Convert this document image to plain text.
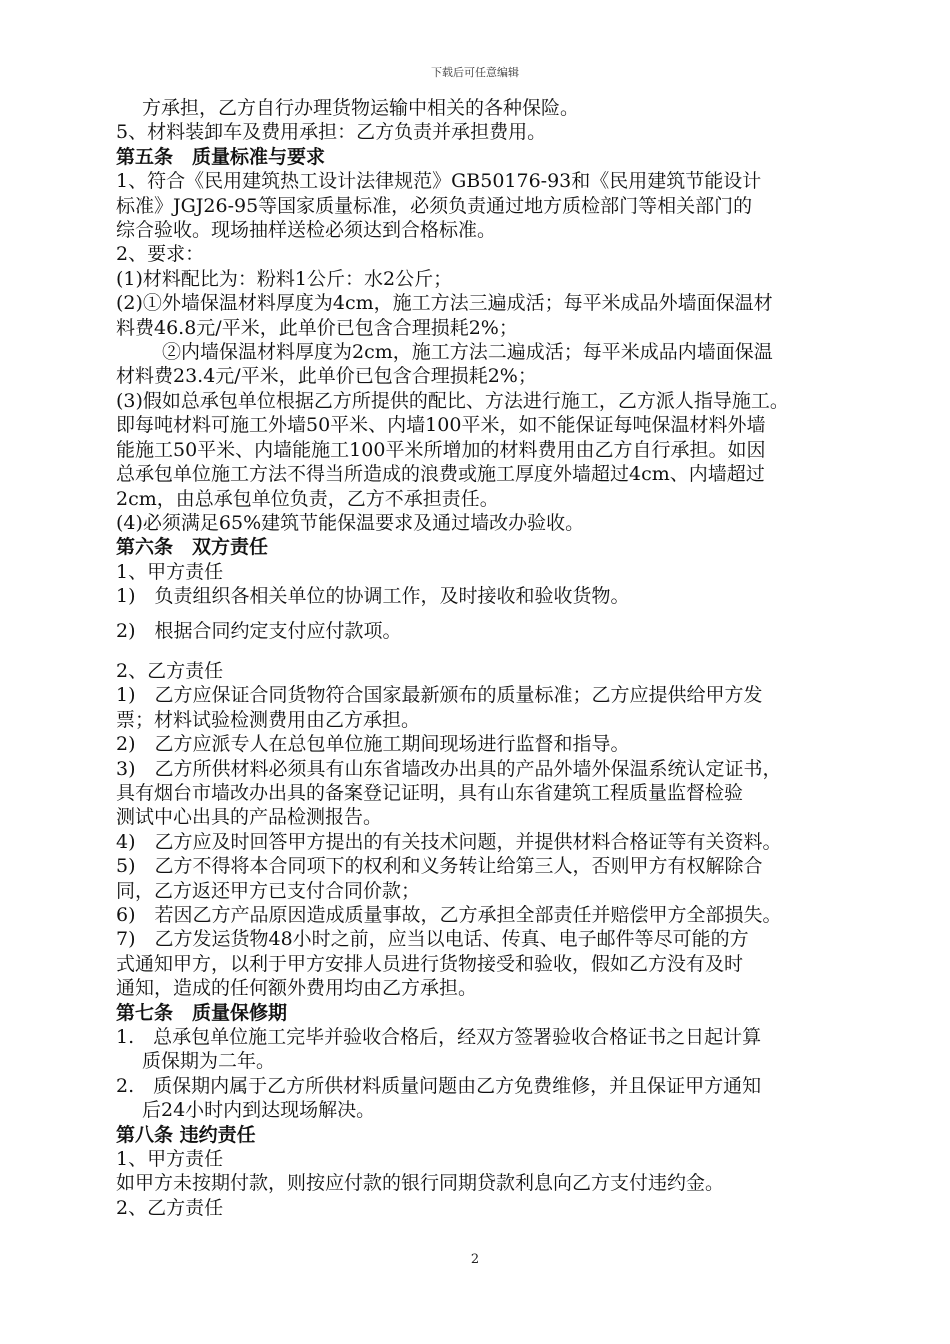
下载后可任意编辑
方承担，乙方自行办理货物运输中相关的各种保险。
5、材料装卸车及费用承担：乙方负责并承担费用。
第五条　质量标准与要求
1、符合《民用建筑热工设计法律规范》GB50176-93和《民用建筑节能设计
标准》JGJ26-95等国家质量标准，必须负责通过地方质检部门等相关部门的
综合验收。现场抽样送检必须达到合格标准。
2、要求：
(1)材料配比为：粉料1公斤：水2公斤；
(2)①外墙保温材料厚度为4cm，施工方法三遍成活；每平米成品外墙面保温材
料费46.8元/平米，此单价已包含合理损耗2%；
②内墙保温材料厚度为2cm，施工方法二遍成活；每平米成品内墙面保温
材料费23.4元/平米，此单价已包含合理损耗2%；
(3)假如总承包单位根据乙方所提供的配比、方法进行施工，乙方派人指导施工。
即每吨材料可施工外墙50平米、内墙100平米，如不能保证每吨保温材料外墙
能施工50平米、内墙能施工100平米所增加的材料费用由乙方自行承担。如因
总承包单位施工方法不得当所造成的浪费或施工厚度外墙超过4cm、内墙超过
2cm，由总承包单位负责，乙方不承担责任。
(4)必须满足65%建筑节能保温要求及通过墙改办验收。
第六条　双方责任
1、甲方责任
1)　负责组织各相关单位的协调工作，及时接收和验收货物。
2)　根据合同约定支付应付款项。
2、乙方责任
1)　乙方应保证合同货物符合国家最新颁布的质量标准；乙方应提供给甲方发
票；材料试验检测费用由乙方承担。
2)　乙方应派专人在总包单位施工期间现场进行监督和指导。
3)　乙方所供材料必须具有山东省墙改办出具的产品外墙外保温系统认定证书，
具有烟台市墙改办出具的备案登记证明，具有山东省建筑工程质量监督检验
测试中心出具的产品检测报告。
4)　乙方应及时回答甲方提出的有关技术问题，并提供材料合格证等有关资料。
5)　乙方不得将本合同项下的权利和义务转让给第三人，否则甲方有权解除合
同，乙方返还甲方已支付合同价款；
6)　若因乙方产品原因造成质量事故，乙方承担全部责任并赔偿甲方全部损失。
7)　乙方发运货物48小时之前，应当以电话、传真、电子邮件等尽可能的方
式通知甲方，以利于甲方安排人员进行货物接受和验收，假如乙方没有及时
通知，造成的任何额外费用均由乙方承担。
第七条　质量保修期
1.　总承包单位施工完毕并验收合格后，经双方签署验收合格证书之日起计算
质保期为二年。
2.　质保期内属于乙方所供材料质量问题由乙方免费维修，并且保证甲方通知
后24小时内到达现场解决。
第八条 违约责任
1、甲方责任
如甲方未按期付款，则按应付款的银行同期贷款利息向乙方支付违约金。
2、乙方责任
2
